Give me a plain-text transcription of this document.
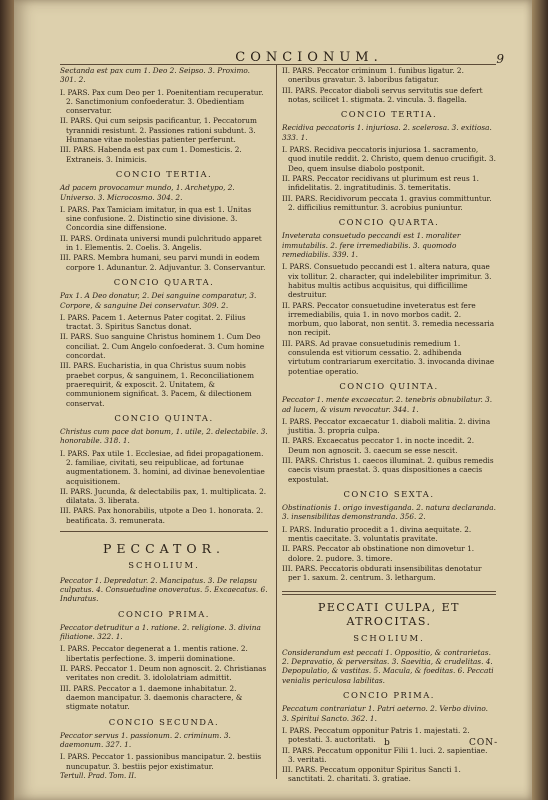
CONCIONUM.	9
Sectanda est pax cum 1. Deo 2. Seipso. 3. Proximo. 301. 2.
I. PARS. Pax cum Deo per 1. Poenitentiam recuperatur. 2. Sanctimonium confoederatur. 3. Obedientiam conservatur.
II. PARS. Qui cum seipsis pacificantur, 1. Peccatorum tyrannidi resistunt. 2. Passiones rationi subdunt. 3. Humanae vitae molestias patienter perferunt.
III. PARS. Habenda est pax cum 1. Domesticis. 2. Extraneis. 3. Inimicis.
CONCIO TERTIA.
Ad pacem provocamur mundo, 1. Archetypo, 2. Universo. 3. Microcosmo. 304. 2.
I. PARS. Pax Tamiciam imitatur, in qua est 1. Unitas sine confusione. 2. Distinctio sine divisione. 3. Concordia sine diffensione.
II. PARS. Ordinata universi mundi pulchritudo apparet in 1. Elementis. 2. Coelis. 3. Angelis.
III. PARS. Membra humani, seu parvi mundi in eodem corpore 1. Adunantur. 2. Adjuvantur. 3. Conservantur.
CONCIO QUARTA.
Pax 1. A Deo donatur, 2. Dei sanguine comparatur, 3. Corpore, & sanguine Dei conservatur. 309. 2.
I. PARS. Pacem 1. Aeternus Pater cogitat. 2. Filius tractat. 3. Spiritus Sanctus donat.
II. PARS. Suo sanguine Christus hominem 1. Cum Deo conciliat. 2. Cum Angelo confoederat. 3. Cum homine concordat.
III. PARS. Eucharistia, in qua Christus suum nobis praebet corpus, & sanguinem, 1. Reconciliationem praerequirit, & exposcit. 2. Unitatem, & communionem significat. 3. Pacem, & dilectionem conservat.
CONCIO QUINTA.
Christus cum pace dat bonum, 1. utile, 2. delectabile. 3. honorabile. 318. 1.
I. PARS. Pax utile 1. Ecclesiae, ad fidei propagationem. 2. familiae, civitati, seu reipublicae, ad fortunae augmentationem. 3. homini, ad divinae benevolentiae acquisitionem.
II. PARS. Jucunda, & delectabilis pax, 1. multiplicata. 2. dilatata. 3. liberata.
III. PARS. Pax honorabilis, utpote a Deo 1. honorata. 2. beatificata. 3. remunerata.
PECCATOR.
SCHOLIUM.
Peccator 1. Depredatur. 2. Mancipatus. 3. De relapsu culpatus. 4. Consuetudine onoveratus. 5. Excaecatus. 6. Induratus.
CONCIO PRIMA.
Peccator detruditur a 1. ratione. 2. religione. 3. divina filiatione. 322. 1.
I. PARS. Peccator degenerat a 1. mentis ratione. 2. libertatis perfectione. 3. imperii dominatione.
II. PARS. Peccator 1. Deum non agnoscit. 2. Christianas veritates non credit. 3. idololatriam admittit.
III. PARS. Peccator a 1. daemone inhabitatur. 2. daemon mancipatur. 3. daemonis charactere, & stigmate notatur.
CONCIO SECUNDA.
Peccator servus 1. passionum. 2. criminum. 3. daemonum. 327. 1.
I. PARS. Peccator 1. passionibus mancipatur. 2. bestiis nuncupatur. 3. bestiis pejor existimatur.
Tertull. Prad. Tom. II.
II. PARS. Peccator criminum 1. funibus ligatur. 2. oneribus gravatur. 3. laboribus fatigatur.
III. PARS. Peccator diaboli servus servitutis sue defert notas, scilicet 1. stigmata. 2. vincula. 3. flagella.
CONCIO TERTIA.
Recidiva peccatoris 1. injuriosa. 2. scelerosa. 3. exitiosa. 333. 1.
I. PARS. Recidiva peccatoris injuriosa 1. sacramento, quod inutile reddit. 2. Christo, quem denuo crucifigit. 3. Deo, quem insulse diabolo postponit.
II. PARS. Peccator recidivans ut plurimum est reus 1. infidelitatis. 2. ingratitudinis. 3. temeritatis.
III. PARS. Recidivorum peccata 1. gravius committuntur. 2. difficilius remittuntur. 3. acrobius puniuntur.
CONCIO QUARTA.
Inveterata consuetudo peccandi est 1. moraliter immutabilis. 2. fere irremediabilis. 3. quomodo remediabilis. 339. 1.
I. PARS. Consuetudo peccandi est 1. altera natura, quae vix tollitur. 2. character, qui indelebiliter imprimitur. 3. habitus multis actibus acquisitus, qui difficillime destruitur.
II. PARS. Peccator consuetudine inveteratus est fere irremediabilis, quia 1. in novo morbos cadit. 2. morbum, quo laborat, non sentit. 3. remedia necessaria non recipit.
III. PARS. Ad pravae consuetudinis remedium 1. consulenda est vitiorum cessatio. 2. adhibenda virtutum contrariarum exercitatio. 3. invocanda divinae potentiae operatio.
CONCIO QUINTA.
Peccator 1. mente excaecatur. 2. tenebris obnubilatur. 3. ad lucem, & visum revocatur. 344. 1.
I. PARS. Peccator excaecatur 1. diaboli malitia. 2. divina justitia. 3. propria culpa.
II. PARS. Excaecatus peccator 1. in nocte incedit. 2. Deum non agnoscit. 3. caecum se esse nescit.
III. PARS. Christus 1. caecos illuminat. 2. quibus remedis caecis visum praestat. 3. quas dispositiones a caecis expostulat.
CONCIO SEXTA.
Obstinationis 1. origo investiganda. 2. natura declaranda. 3. insensibilitas demonstranda. 356. 2.
I. PARS. Induratio procedit a 1. divina aequitate. 2. mentis caecitate. 3. voluntatis pravitate.
II. PARS. Peccator ab obstinatione non dimovetur 1. dolore. 2. pudore. 3. timore.
III. PARS. Peccatoris obdurati insensibilitas denotatur per 1. saxum. 2. centrum. 3. lethargum.
PECCATI CULPA, ET ATROCITAS.
SCHOLIUM.
Considerandum est peccati 1. Oppositio, & contrarietas. 2. Depravatio, & perversitas. 3. Saevitia, & crudelitas. 4. Depopulatio, & vastitas. 5. Macula, & foeditas. 6. Peccati venialis periculosa labilitas.
CONCIO PRIMA.
Peccatum contrariatur 1. Patri aeterno. 2. Verbo divino. 3. Spiritui Sancto. 362. 1.
I. PARS. Peccatum opponitur Patris 1. majestati. 2. potestati. 3. auctoritati.
II. PARS. Peccatum opponitur Filii 1. luci. 2. sapientiae. 3. veritati.
III. PARS. Peccatum opponitur Spiritus Sancti 1. sanctitati. 2. charitati. 3. gratiae.
b	CON-
